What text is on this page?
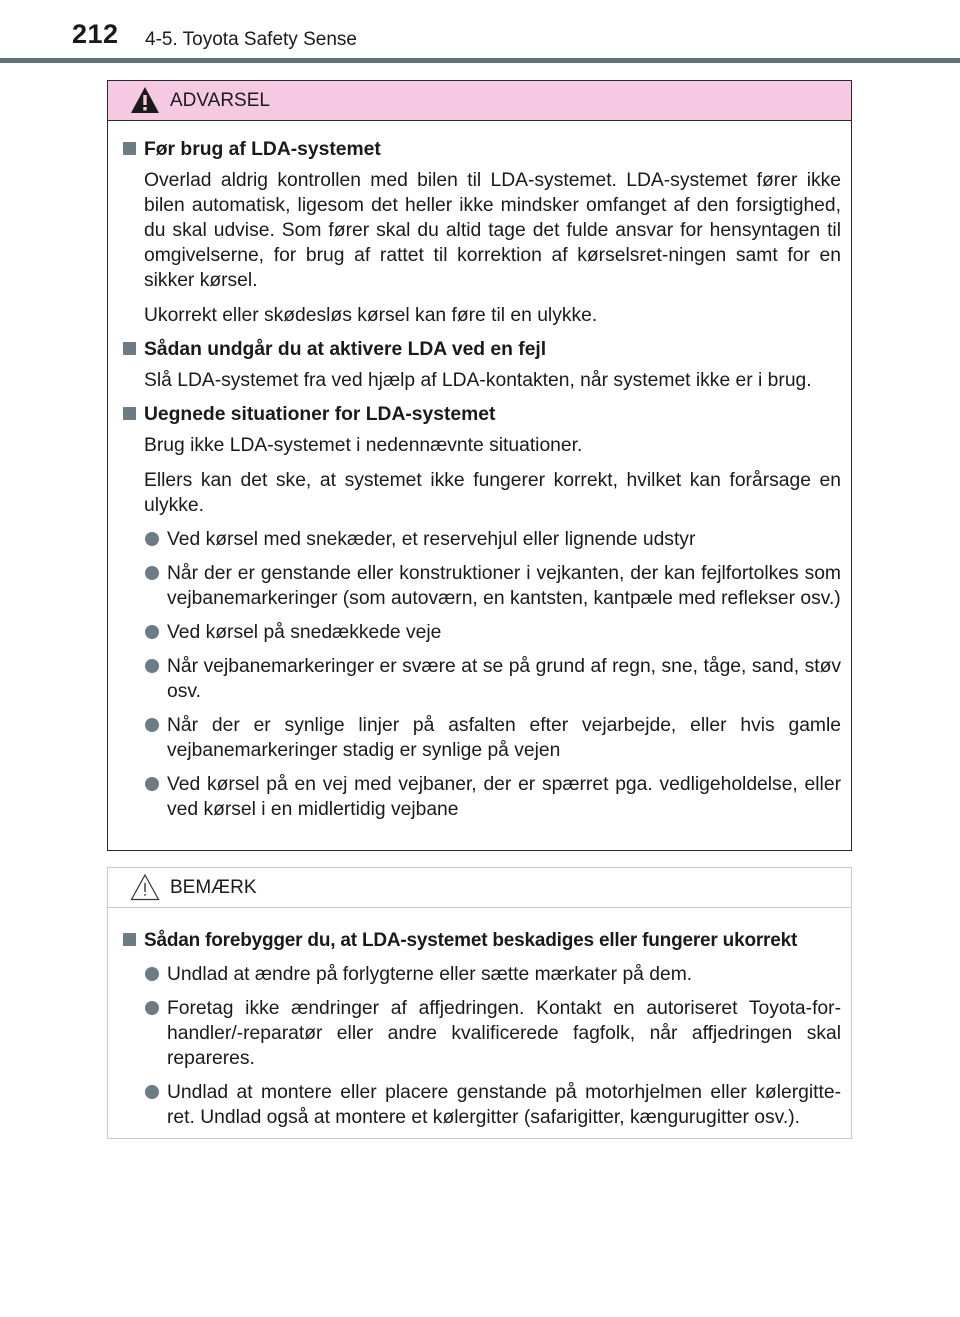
212 4-5. Toyota Safety Sense
ADVARSEL

Før brug af LDA-systemet

Overlad aldrig kontrollen med bilen til LDA-systemet. LDA-systemet fører ikke bilen automatisk, ligesom det heller ikke mindsker omfanget af den forsigtighed, du skal udvise. Som fører skal du altid tage det fulde ansvar for hensyntagen til omgivelserne, for brug af rattet til korrektion af kørselsret-ningen samt for en sikker kørsel.

Ukorrekt eller skødesløs kørsel kan føre til en ulykke.

Sådan undgår du at aktivere LDA ved en fejl

Slå LDA-systemet fra ved hjælp af LDA-kontakten, når systemet ikke er i brug.

Uegnede situationer for LDA-systemet

Brug ikke LDA-systemet i nedennævnte situationer.

Ellers kan det ske, at systemet ikke fungerer korrekt, hvilket kan forårsage en ulykke.

Ved kørsel med snekæder, et reservehjul eller lignende udstyr
Når der er genstande eller konstruktioner i vejkanten, der kan fejlfortolkes som vejbanemarkeringer (som autoværn, en kantsten, kantpæle med reflekser osv.)
Ved kørsel på snedækkede veje
Når vejbanemarkeringer er svære at se på grund af regn, sne, tåge, sand, støv osv.
Når der er synlige linjer på asfalten efter vejarbejde, eller hvis gamle vejbanemarkeringer stadig er synlige på vejen
Ved kørsel på en vej med vejbaner, der er spærret pga. vedligeholdelse, eller ved kørsel i en midlertidig vejbane
BEMÆRK

Sådan forebygger du, at LDA-systemet beskadiges eller fungerer ukorrekt

Undlad at ændre på forlygterne eller sætte mærkater på dem.
Foretag ikke ændringer af affjedringen. Kontakt en autoriseret Toyota-for-handler/-reparatør eller andre kvalificerede fagfolk, når affjedringen skal repareres.
Undlad at montere eller placere genstande på motorhjelmen eller kølergitte-ret. Undlad også at montere et kølergitter (safarigitter, kængurugitter osv.).
